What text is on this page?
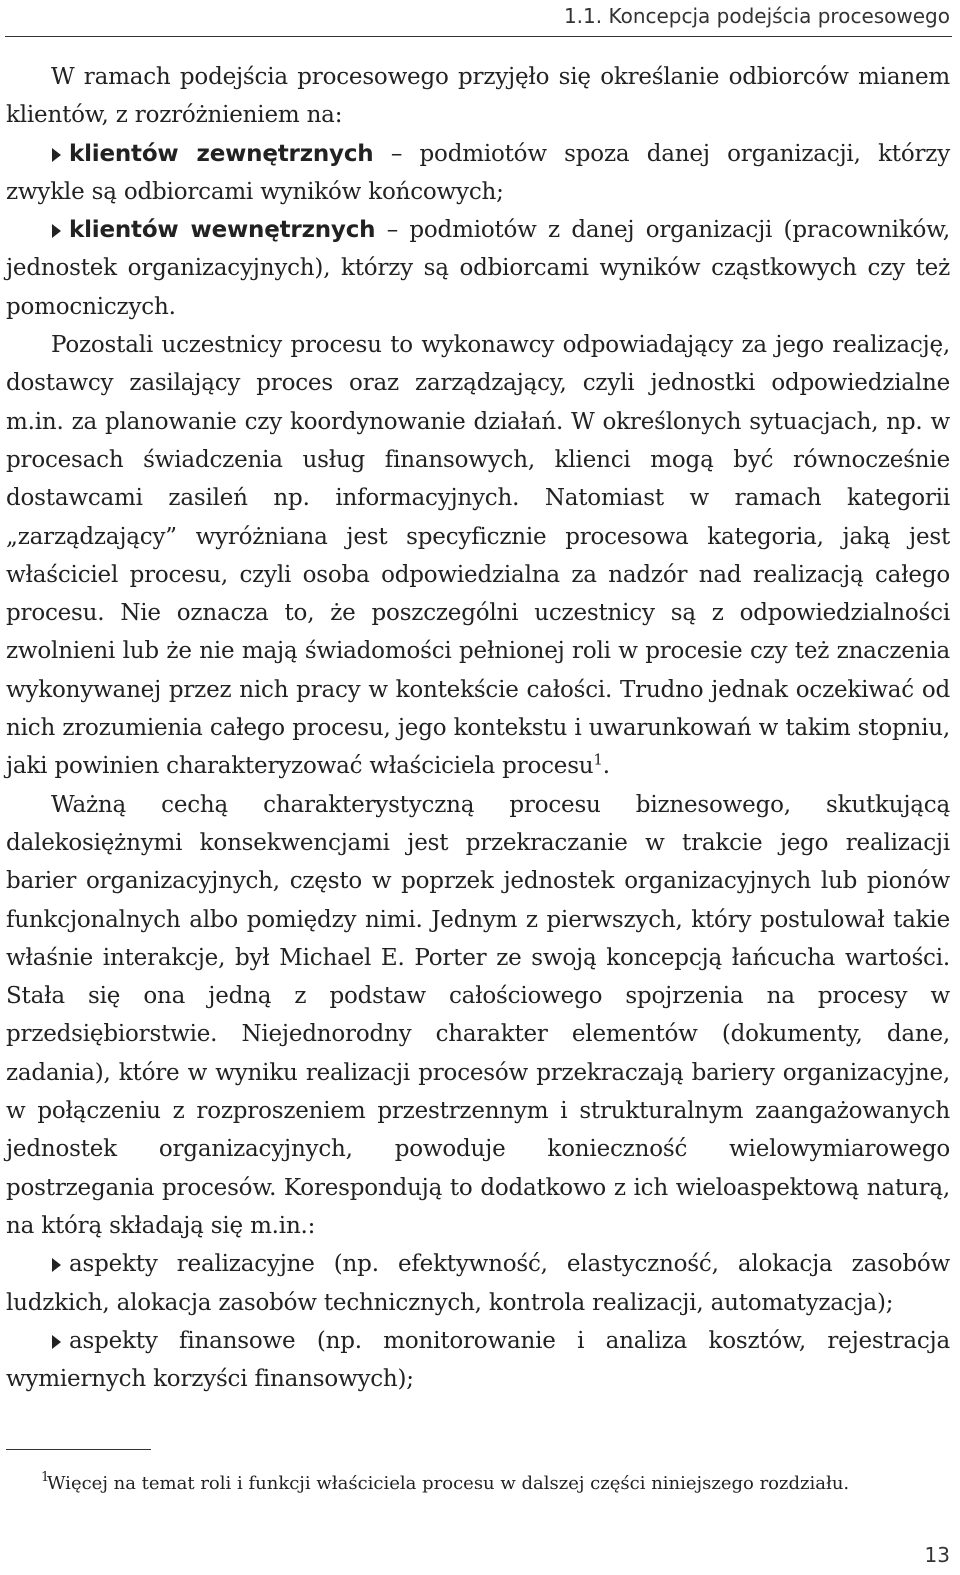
1.1. Koncepcja podejścia procesowego

W ramach podejścia procesowego przyjęło się określanie odbiorców mianem klientów, z rozróżnieniem na:

klientów zewnętrznych – podmiotów spoza danej organizacji, którzy zwykle są odbiorcami wyników końcowych;
klientów wewnętrznych – podmiotów z danej organizacji (pracowników, jednostek organizacyjnych), którzy są odbiorcami wyników cząstkowych czy też pomocniczych.

Pozostali uczestnicy procesu to wykonawcy odpowiadający za jego realizację, dostawcy zasilający proces oraz zarządzający, czyli jednostki odpowiedzialne m.in. za planowanie czy koordynowanie działań. W określonych sytuacjach, np. w procesach świadczenia usług finansowych, klienci mogą być równocześnie dostawcami zasileń np. informacyjnych. Natomiast w ramach kategorii „zarządzający” wyróżniana jest specyficznie procesowa kategoria, jaką jest właściciel procesu, czyli osoba odpowiedzialna za nadzór nad realizacją całego procesu. Nie oznacza to, że poszczególni uczestnicy są z odpowiedzialności zwolnieni lub że nie mają świadomości pełnionej roli w procesie czy też znaczenia wykonywanej przez nich pracy w kontekście całości. Trudno jednak oczekiwać od nich zrozumienia całego procesu, jego kontekstu i uwarunkowań w takim stopniu, jaki powinien charakteryzować właściciela procesu$^1$.

Ważną cechą charakterystyczną procesu biznesowego, skutkującą dalekosiężnymi konsekwencjami jest przekraczanie w trakcie jego realizacji barier organizacyjnych, często w poprzek jednostek organizacyjnych lub pionów funkcjonalnych albo pomiędzy nimi. Jednym z pierwszych, który postulował takie właśnie interakcje, był Michael E. Porter ze swoją koncepcją łańcucha wartości. Stała się ona jedną z podstaw całościowego spojrzenia na procesy w przedsiębiorstwie. Niejednorodny charakter elementów (dokumenty, dane, zadania), które w wyniku realizacji procesów przekraczają bariery organizacyjne, w połączeniu z rozproszeniem przestrzennym i strukturalnym zaangażowanych jednostek organizacyjnych, powoduje konieczność wielowymiarowego postrzegania procesów. Korespondują to dodatkowo z ich wieloaspektową naturą, na którą składają się m.in.:

aspekty realizacyjne (np. efektywność, elastyczność, alokacja zasobów ludzkich, alokacja zasobów technicznych, kontrola realizacji, automatyzacja);
aspekty finansowe (np. monitorowanie i analiza kosztów, rejestracja wymiernych korzyści finansowych);
1
Więcej na temat roli i funkcji właściciela procesu w dalszej części niniejszego rozdziału.
13
